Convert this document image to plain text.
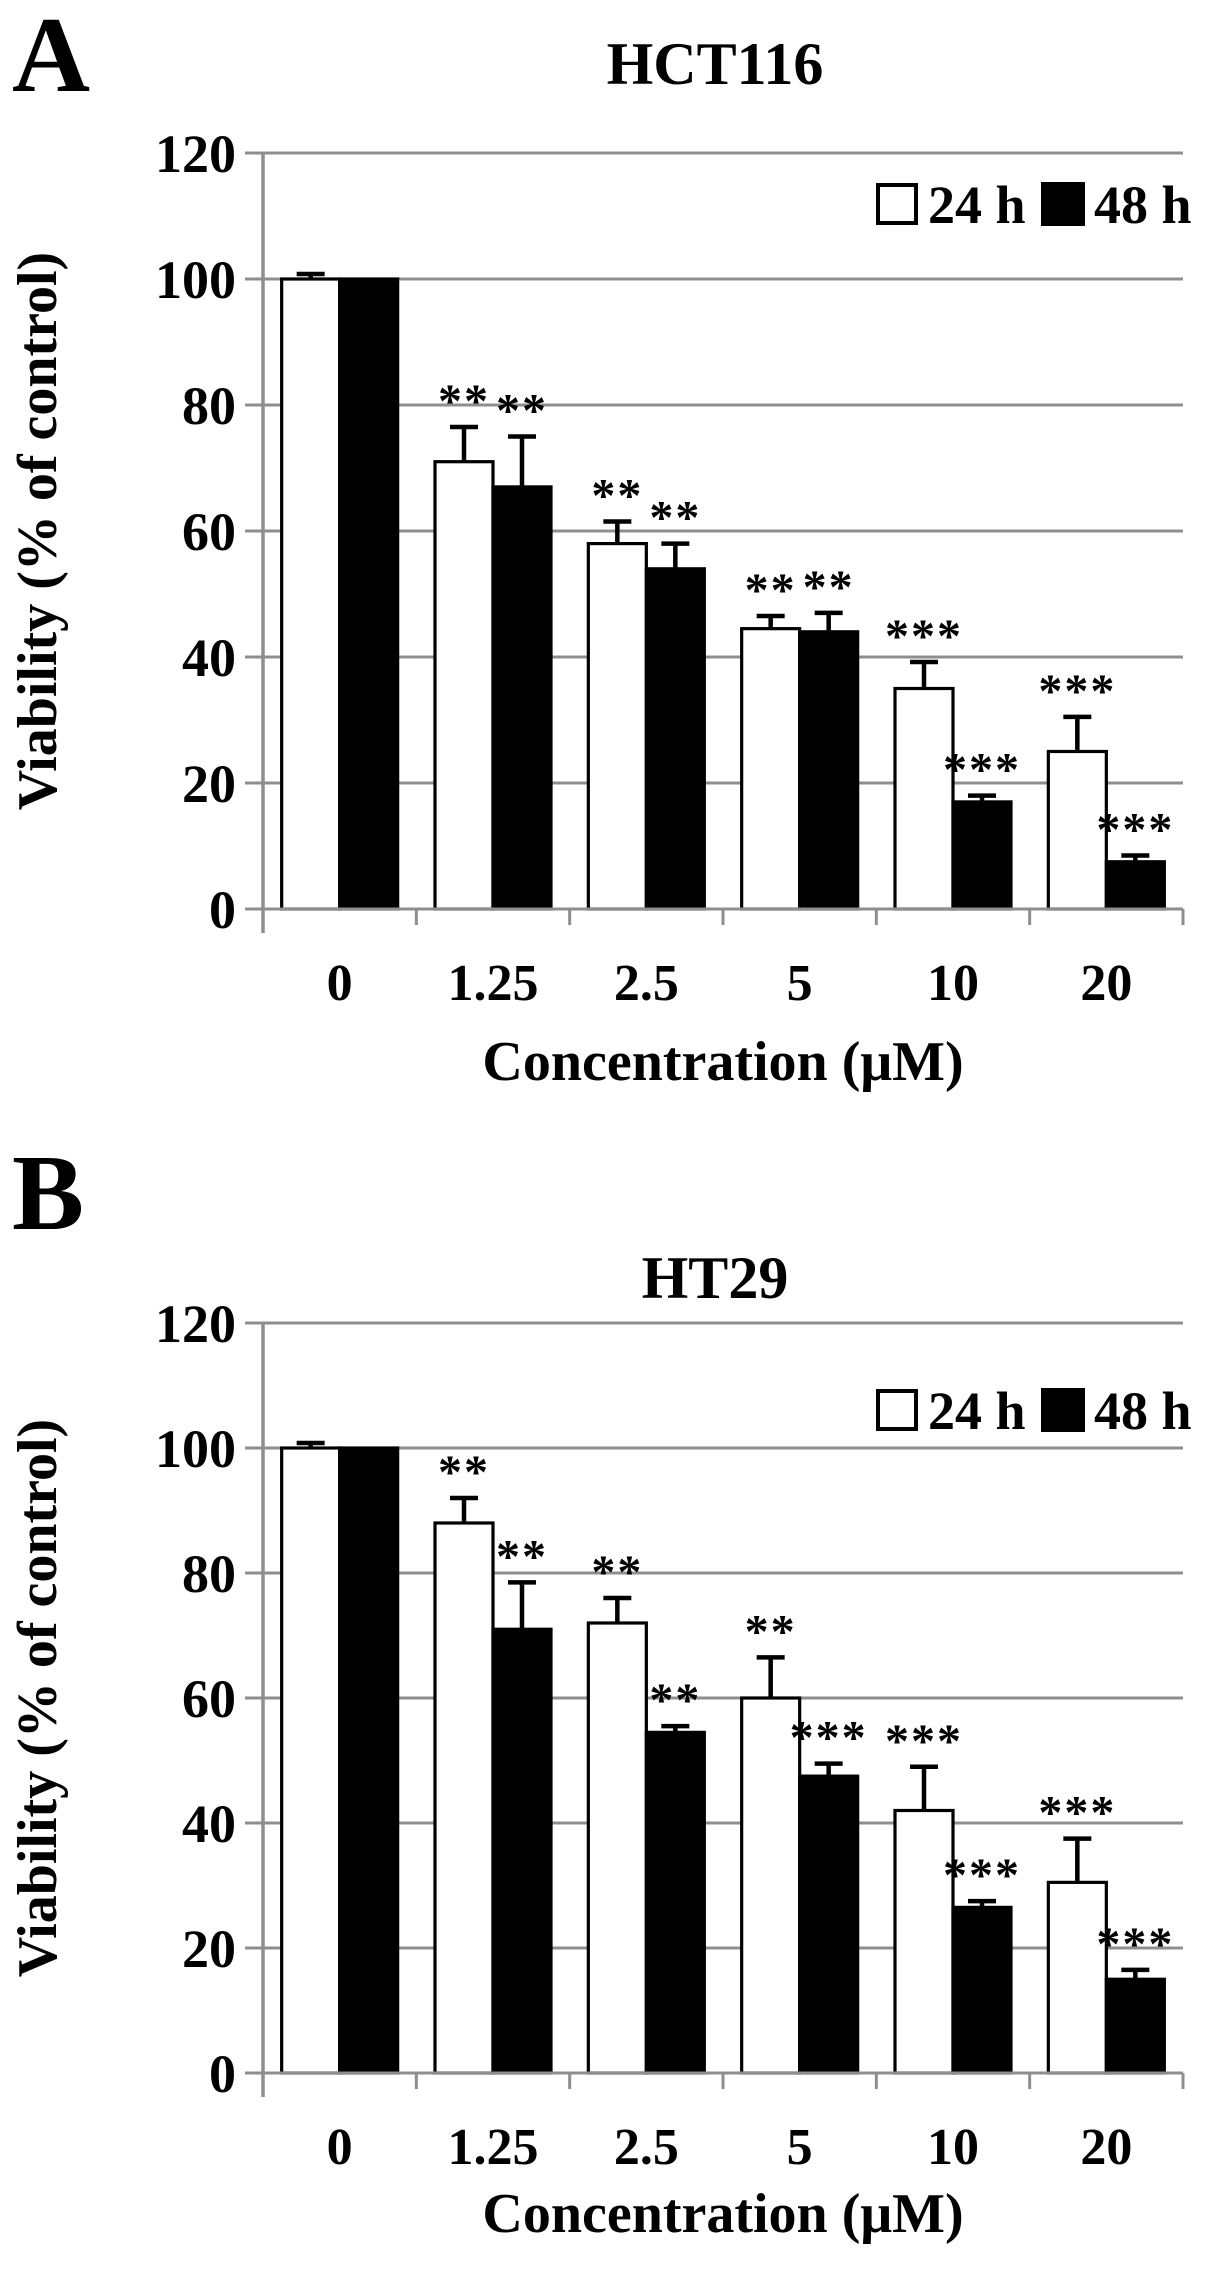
A
0
20
40
60
80
100
120
0
** **
1.25
** **
2.5
** **
5
***
***
10
***
***
20
HCT116
Concentration (μM)
Viability (% of control)
24 h 48 h
B
0
20
40
60
80
100
120
0
**
**
1.25
**
**
2.5
**
***
5
***
***
10
***
***
20
HT29
Concentration (μM)
Viability (% of control)
24 h 48 h
